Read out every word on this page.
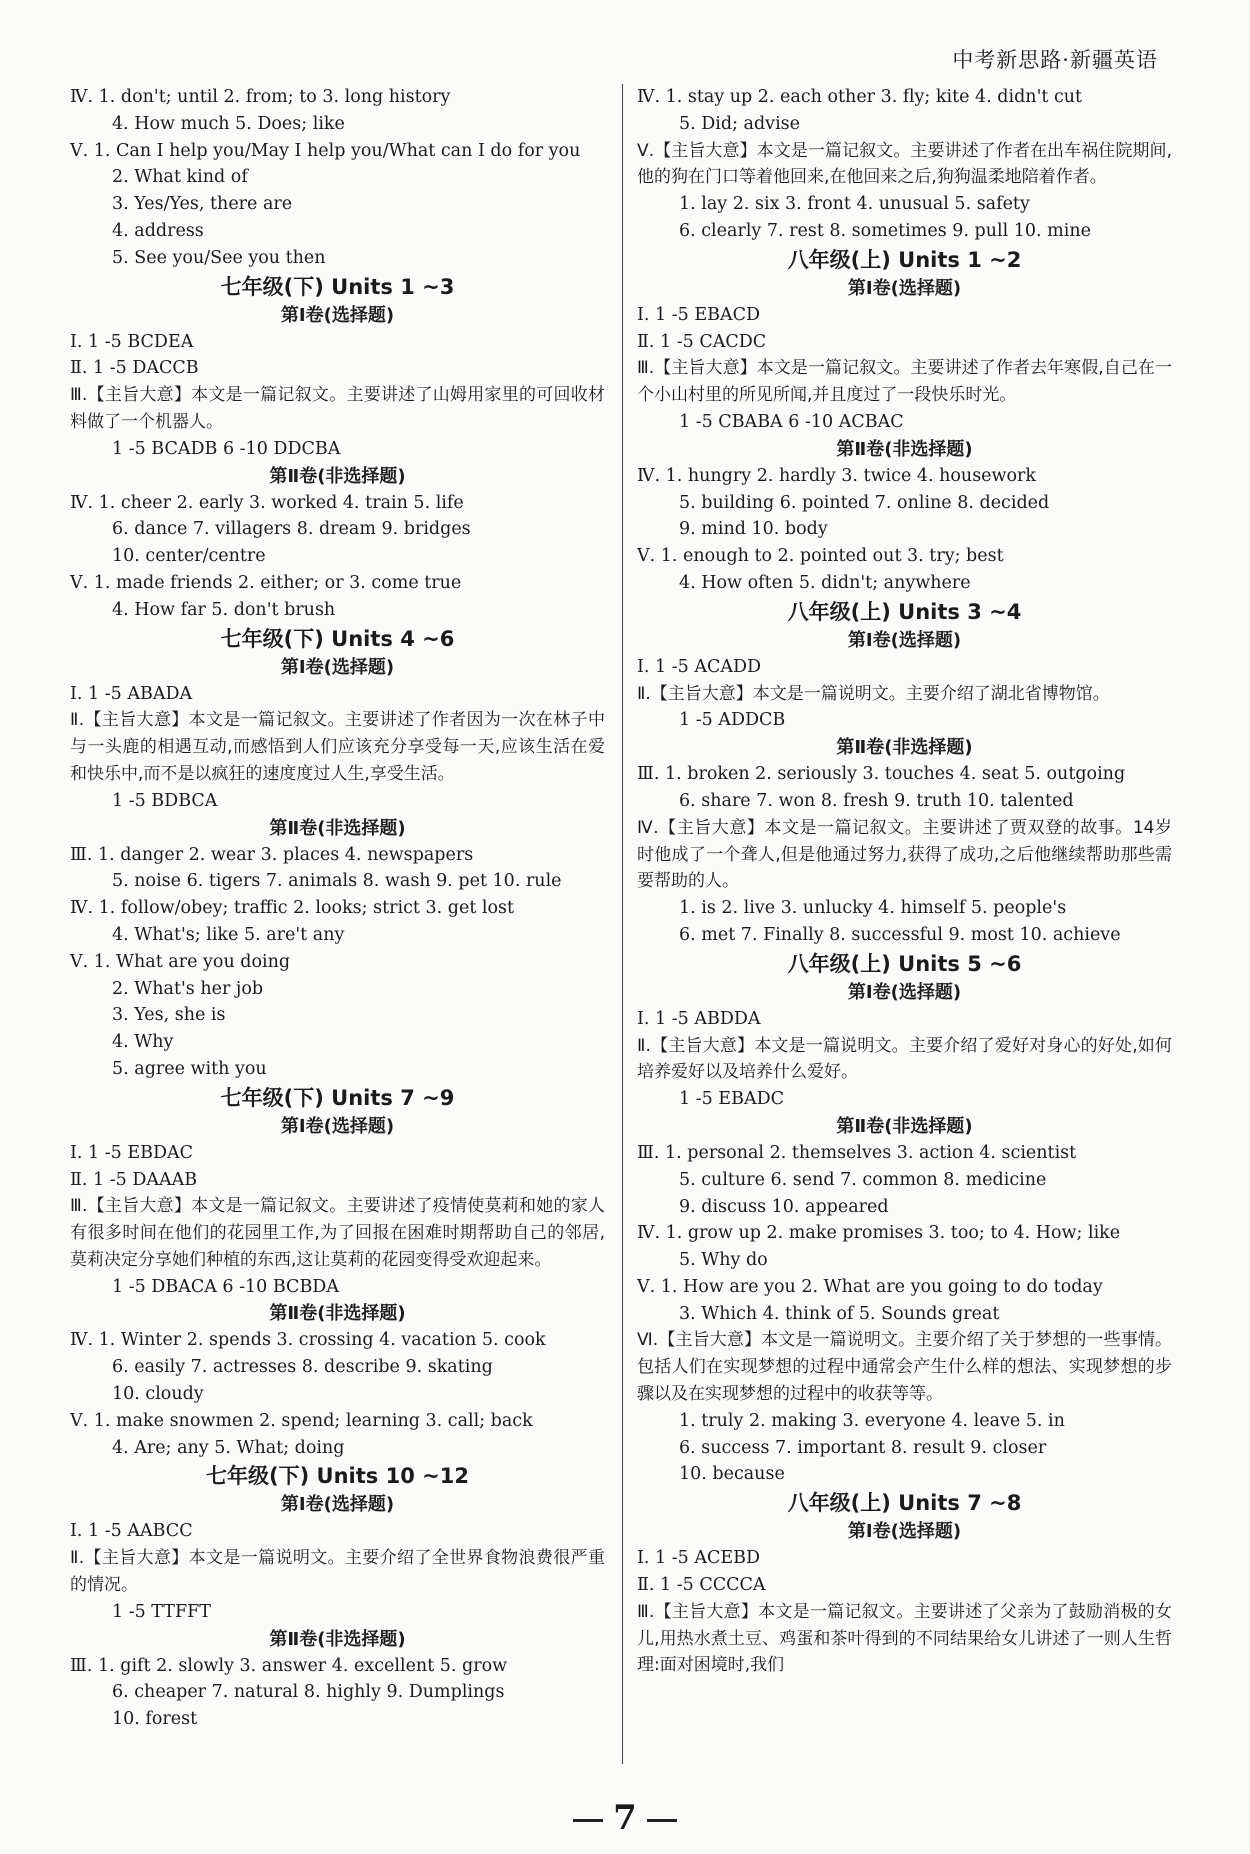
中考新思路·新疆英语
Ⅳ. 1. don't; until 2. from; to 3. long history
4. How much 5. Does; like
Ⅴ. 1. Can I help you/May I help you/What can I do for you
2. What kind of
3. Yes/Yes, there are
4. address
5. See you/See you then
七年级(下) Units 1 ~3
第Ⅰ卷(选择题)
Ⅰ. 1 -5 BCDEA
Ⅱ. 1 -5 DACCB
Ⅲ.【主旨大意】本文是一篇记叙文。主要讲述了山姆用家里的可回收材料做了一个机器人。
1 -5 BCADB 6 -10 DDCBA
第Ⅱ卷(非选择题)
Ⅳ. 1. cheer 2. early 3. worked 4. train 5. life
6. dance 7. villagers 8. dream 9. bridges
10. center/centre
Ⅴ. 1. made friends 2. either; or 3. come true
4. How far 5. don't brush
七年级(下) Units 4 ~6
第Ⅰ卷(选择题)
Ⅰ. 1 -5 ABADA
Ⅱ.【主旨大意】本文是一篇记叙文。主要讲述了作者因为一次在林子中与一头鹿的相遇互动,而感悟到人们应该充分享受每一天,应该生活在爱和快乐中,而不是以疯狂的速度度过人生,享受生活。
1 -5 BDBCA
第Ⅱ卷(非选择题)
Ⅲ. 1. danger 2. wear 3. places 4. newspapers
5. noise 6. tigers 7. animals 8. wash 9. pet 10. rule
Ⅳ. 1. follow/obey; traffic 2. looks; strict 3. get lost
4. What's; like 5. are't any
Ⅴ. 1. What are you doing
2. What's her job
3. Yes, she is
4. Why
5. agree with you
七年级(下) Units 7 ~9
第Ⅰ卷(选择题)
Ⅰ. 1 -5 EBDAC
Ⅱ. 1 -5 DAAAB
Ⅲ.【主旨大意】本文是一篇记叙文。主要讲述了疫情使莫莉和她的家人有很多时间在他们的花园里工作,为了回报在困难时期帮助自己的邻居,莫莉决定分享她们种植的东西,这让莫莉的花园变得受欢迎起来。
1 -5 DBACA 6 -10 BCBDA
第Ⅱ卷(非选择题)
Ⅳ. 1. Winter 2. spends 3. crossing 4. vacation 5. cook
6. easily 7. actresses 8. describe 9. skating
10. cloudy
Ⅴ. 1. make snowmen 2. spend; learning 3. call; back
4. Are; any 5. What; doing
七年级(下) Units 10 ~12
第Ⅰ卷(选择题)
Ⅰ. 1 -5 AABCC
Ⅱ.【主旨大意】本文是一篇说明文。主要介绍了全世界食物浪费很严重的情况。
1 -5 TTFFT
第Ⅱ卷(非选择题)
Ⅲ. 1. gift 2. slowly 3. answer 4. excellent 5. grow
6. cheaper 7. natural 8. highly 9. Dumplings
10. forest
Ⅳ. 1. stay up 2. each other 3. fly; kite 4. didn't cut
5. Did; advise
Ⅴ.【主旨大意】本文是一篇记叙文。主要讲述了作者在出车祸住院期间,他的狗在门口等着他回来,在他回来之后,狗狗温柔地陪着作者。
1. lay 2. six 3. front 4. unusual 5. safety
6. clearly 7. rest 8. sometimes 9. pull 10. mine
八年级(上) Units 1 ~2
第Ⅰ卷(选择题)
Ⅰ. 1 -5 EBACD
Ⅱ. 1 -5 CACDC
Ⅲ.【主旨大意】本文是一篇记叙文。主要讲述了作者去年寒假,自己在一个小山村里的所见所闻,并且度过了一段快乐时光。
1 -5 CBABA 6 -10 ACBAC
第Ⅱ卷(非选择题)
Ⅳ. 1. hungry 2. hardly 3. twice 4. housework
5. building 6. pointed 7. online 8. decided
9. mind 10. body
Ⅴ. 1. enough to 2. pointed out 3. try; best
4. How often 5. didn't; anywhere
八年级(上) Units 3 ~4
第Ⅰ卷(选择题)
Ⅰ. 1 -5 ACADD
Ⅱ.【主旨大意】本文是一篇说明文。主要介绍了湖北省博物馆。
1 -5 ADDCB
第Ⅱ卷(非选择题)
Ⅲ. 1. broken 2. seriously 3. touches 4. seat 5. outgoing
6. share 7. won 8. fresh 9. truth 10. talented
Ⅳ.【主旨大意】本文是一篇记叙文。主要讲述了贾双登的故事。14岁时他成了一个聋人,但是他通过努力,获得了成功,之后他继续帮助那些需要帮助的人。
1. is 2. live 3. unlucky 4. himself 5. people's
6. met 7. Finally 8. successful 9. most 10. achieve
八年级(上) Units 5 ~6
第Ⅰ卷(选择题)
Ⅰ. 1 -5 ABDDA
Ⅱ.【主旨大意】本文是一篇说明文。主要介绍了爱好对身心的好处,如何培养爱好以及培养什么爱好。
1 -5 EBADC
第Ⅱ卷(非选择题)
Ⅲ. 1. personal 2. themselves 3. action 4. scientist
5. culture 6. send 7. common 8. medicine
9. discuss 10. appeared
Ⅳ. 1. grow up 2. make promises 3. too; to 4. How; like
5. Why do
Ⅴ. 1. How are you 2. What are you going to do today
3. Which 4. think of 5. Sounds great
Ⅵ.【主旨大意】本文是一篇说明文。主要介绍了关于梦想的一些事情。包括人们在实现梦想的过程中通常会产生什么样的想法、实现梦想的步骤以及在实现梦想的过程中的收获等等。
1. truly 2. making 3. everyone 4. leave 5. in
6. success 7. important 8. result 9. closer
10. because
八年级(上) Units 7 ~8
第Ⅰ卷(选择题)
Ⅰ. 1 -5 ACEBD
Ⅱ. 1 -5 CCCCA
Ⅲ.【主旨大意】本文是一篇记叙文。主要讲述了父亲为了鼓励消极的女儿,用热水煮土豆、鸡蛋和茶叶得到的不同结果给女儿讲述了一则人生哲理:面对困境时,我们
7
